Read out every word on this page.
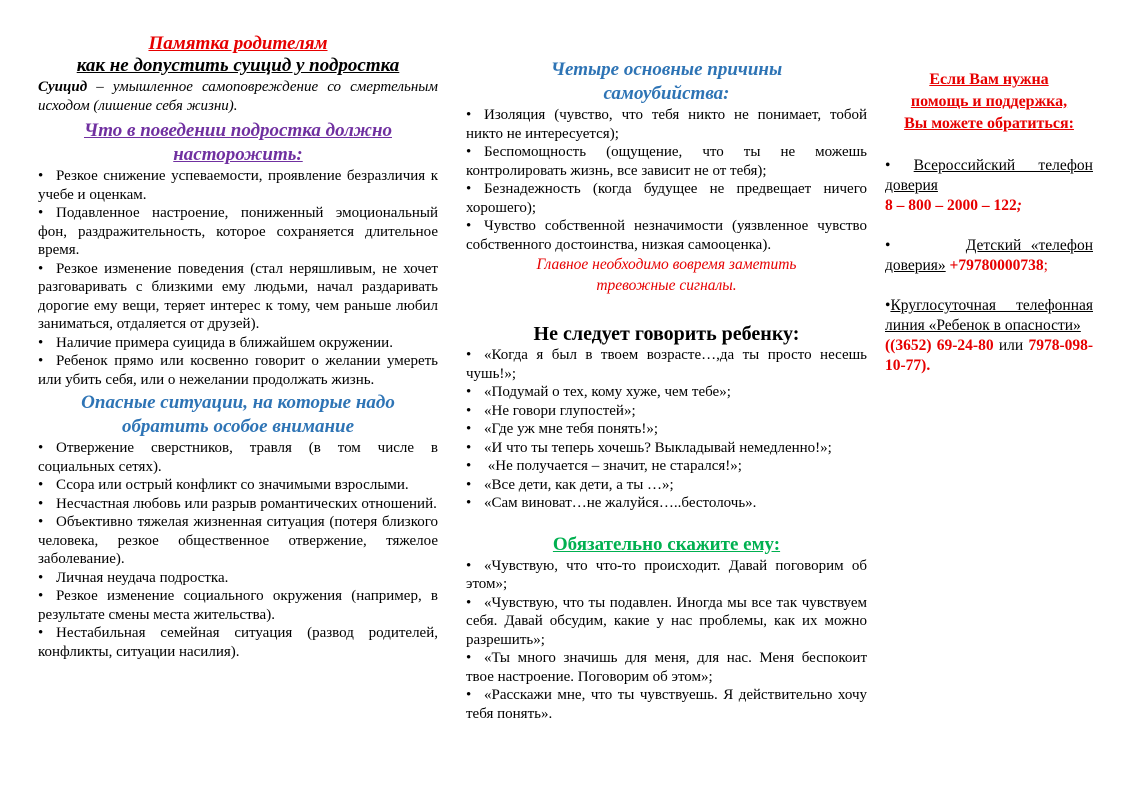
Памятка родителям
как не допустить суицид у подростка

Суицид – умышленное самоповреждение со смертельным исходом (лишение себя жизни).

Что в поведении подростка должно
насторожить:

• Резкое снижение успеваемости, проявление безразличия к учебе и оценкам.

• Подавленное настроение, пониженный эмоциональный фон, раздражительность, которое сохраняется длительное время.

• Резкое изменение поведения (стал неряшливым, не хочет разговаривать с близкими ему людьми, начал раздаривать дорогие ему вещи, теряет интерес к тому, чем раньше любил заниматься, отдаляется от друзей).

• Наличие примера суицида в ближайшем окружении.

• Ребенок прямо или косвенно говорит о желании умереть или убить себя, или о нежелании продолжать жизнь.

Опасные ситуации, на которые надо
обратить особое внимание

• Отвержение сверстников, травля (в том числе в социальных сетях).

• Ссора или острый конфликт со значимыми взрослыми.

• Несчастная любовь или разрыв романтических отношений.

• Объективно тяжелая жизненная ситуация (потеря близкого человека, резкое общественное отвержение, тяжелое заболевание).

• Личная неудача подростка.

• Резкое изменение социального окружения (например, в результате смены места жительства).

• Нестабильная семейная ситуация (развод родителей, конфликты, ситуации насилия).

Четыре основные причины
самоубийства:

• Изоляция (чувство, что тебя никто не понимает, тобой никто не интересуется);

• Беспомощность (ощущение, что ты не можешь контролировать жизнь, все зависит не от тебя);

• Безнадежность (когда будущее не предвещает ничего хорошего);

• Чувство собственной незначимости (уязвленное чувство собственного достоинства, низкая самооценка).

Главное необходимо вовремя заметить
тревожные сигналы.
Не следует говорить ребенку:

• «Когда я был в твоем возрасте…,да ты просто несешь чушь!»;

• «Подумай о тех, кому хуже, чем тебе»;

• «Не говори глупостей»;

• «Где уж мне тебя понять!»;

• «И что ты теперь хочешь? Выкладывай немедленно!»;

• «Не получается – значит, не старался!»;

• «Все дети, как дети, а ты …»;

• «Сам виноват…не жалуйся…..бестолочь».

Обязательно скажите ему:

• «Чувствую, что что-то происходит. Давай поговорим об этом»;

• «Чувствую, что ты подавлен. Иногда мы все так чувствуем себя. Давай обсудим, какие у нас проблемы, как их можно разрешить»;

• «Ты много значишь для меня, для нас. Меня беспокоит твое настроение. Поговорим об этом»;

• «Расскажи мне, что ты чувствуешь. Я действительно хочу тебя понять».

Если Вам нужна
помощь и поддержка,
Вы можете обратиться:

• Всероссийский телефон доверия
8 – 800 – 2000 – 122;

•        Детский «телефон доверия» +79780000738;

•Круглосуточная телефонная линия «Ребенок в опасности»
((3652) 69-24-80 или 7978-098-10-77).
